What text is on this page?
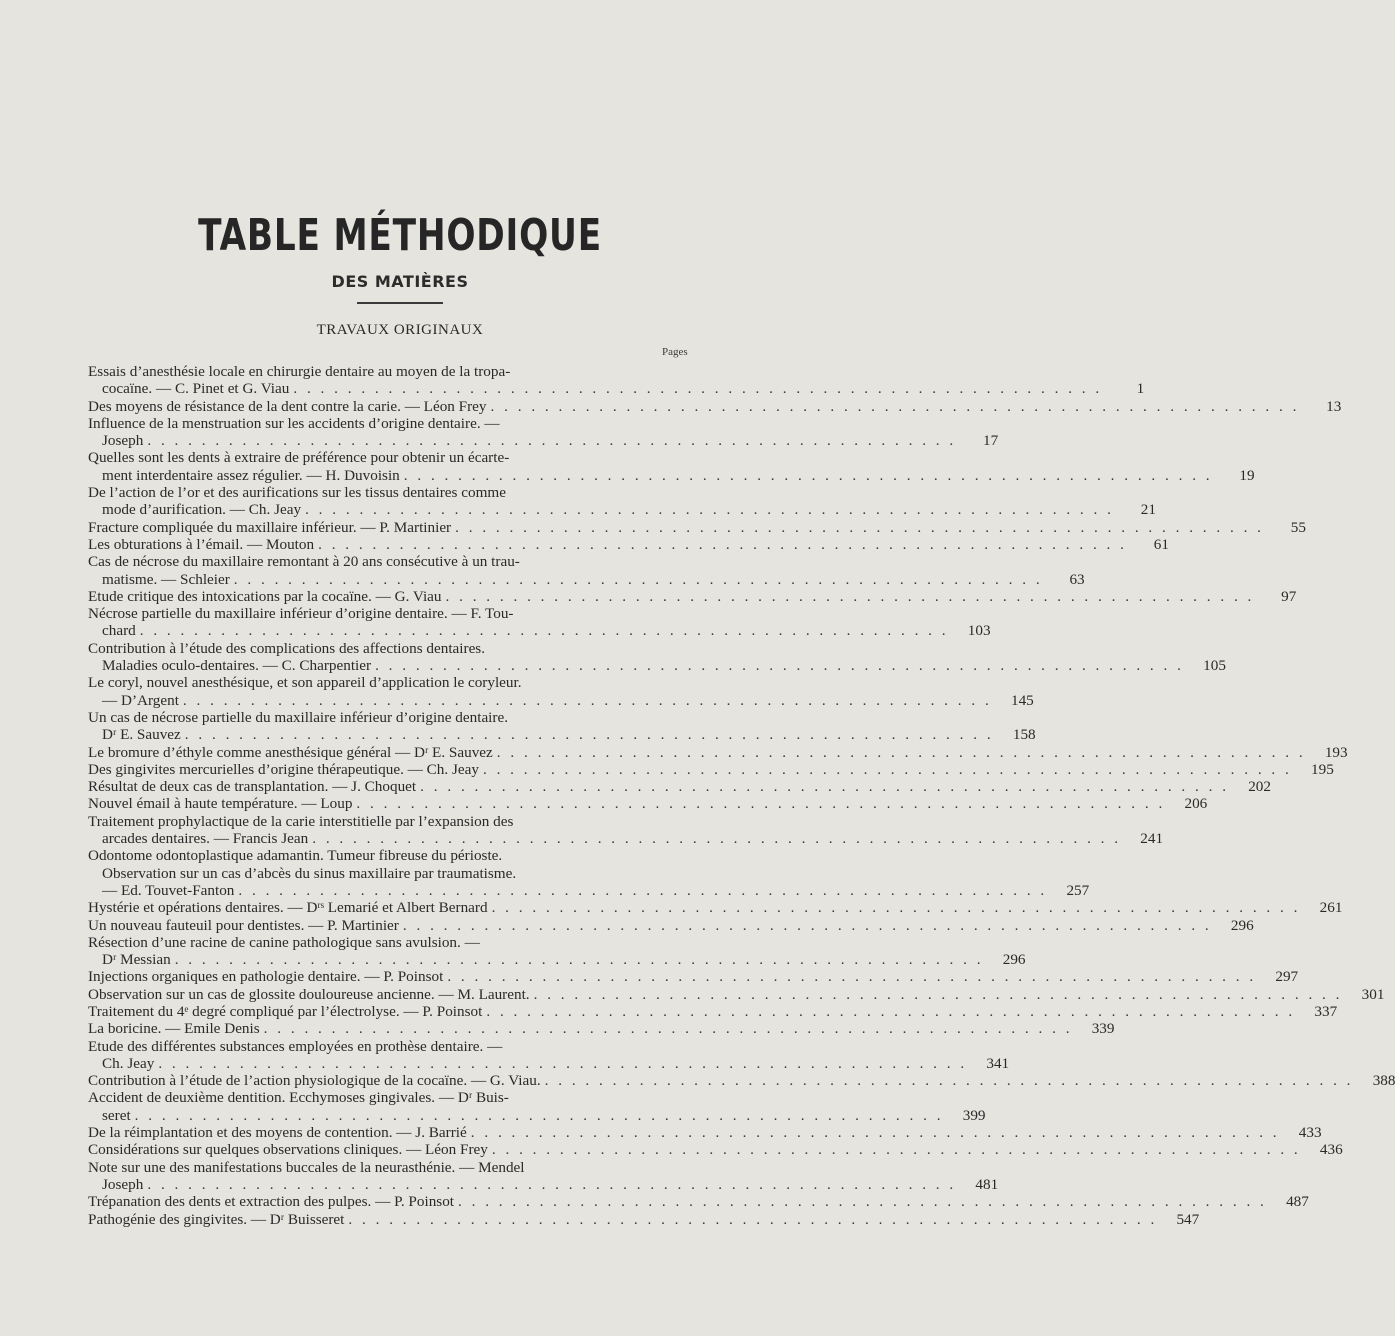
TABLE MÉTHODIQUE
DES MATIÈRES
TRAVAUX ORIGINAUX
Pages
Essais d’anesthésie locale en chirurgie dentaire au moyen de la tropa-
cocaïne. — C. Pinet et G. Viau . . . . . . . . . . . . . . . . . . . . . . . . . . . . . . . . . . . . . . . . . . . . . . . . . . . . . . . . . . . .	1
Des moyens de résistance de la dent contre la carie. — Léon Frey . . . . . . . . . . . . . . . . . . . . . . . . . . . . . . . . . . . . . . . . . . . . . . . . . . . . . . . . . . . .	13
Influence de la menstruation sur les accidents d’origine dentaire. —
Joseph . . . . . . . . . . . . . . . . . . . . . . . . . . . . . . . . . . . . . . . . . . . . . . . . . . . . . . . . . . . .	17
Quelles sont les dents à extraire de préférence pour obtenir un écarte-
ment interdentaire assez régulier. — H. Duvoisin . . . . . . . . . . . . . . . . . . . . . . . . . . . . . . . . . . . . . . . . . . . . . . . . . . . . . . . . . . . .	19
De l’action de l’or et des aurifications sur les tissus dentaires comme
mode d’aurification. — Ch. Jeay . . . . . . . . . . . . . . . . . . . . . . . . . . . . . . . . . . . . . . . . . . . . . . . . . . . . . . . . . . . .	21
Fracture compliquée du maxillaire inférieur. — P. Martinier . . . . . . . . . . . . . . . . . . . . . . . . . . . . . . . . . . . . . . . . . . . . . . . . . . . . . . . . . . . .	55
Les obturations à l’émail. — Mouton . . . . . . . . . . . . . . . . . . . . . . . . . . . . . . . . . . . . . . . . . . . . . . . . . . . . . . . . . . . .	61
Cas de nécrose du maxillaire remontant à 20 ans consécutive à un trau-
matisme. — Schleier . . . . . . . . . . . . . . . . . . . . . . . . . . . . . . . . . . . . . . . . . . . . . . . . . . . . . . . . . . . .	63
Etude critique des intoxications par la cocaïne. — G. Viau . . . . . . . . . . . . . . . . . . . . . . . . . . . . . . . . . . . . . . . . . . . . . . . . . . . . . . . . . . . .	97
Nécrose partielle du maxillaire inférieur d’origine dentaire. — F. Tou-
chard . . . . . . . . . . . . . . . . . . . . . . . . . . . . . . . . . . . . . . . . . . . . . . . . . . . . . . . . . . . .	103
Contribution à l’étude des complications des affections dentaires.
Maladies oculo-dentaires. — C. Charpentier . . . . . . . . . . . . . . . . . . . . . . . . . . . . . . . . . . . . . . . . . . . . . . . . . . . . . . . . . . . .	105
Le coryl, nouvel anesthésique, et son appareil d’application le coryleur.
— D’Argent . . . . . . . . . . . . . . . . . . . . . . . . . . . . . . . . . . . . . . . . . . . . . . . . . . . . . . . . . . . .	145
Un cas de nécrose partielle du maxillaire inférieur d’origine dentaire.
Dʳ E. Sauvez . . . . . . . . . . . . . . . . . . . . . . . . . . . . . . . . . . . . . . . . . . . . . . . . . . . . . . . . . . . .	158
Le bromure d’éthyle comme anesthésique général — Dʳ E. Sauvez . . . . . . . . . . . . . . . . . . . . . . . . . . . . . . . . . . . . . . . . . . . . . . . . . . . . . . . . . . . .	193
Des gingivites mercurielles d’origine thérapeutique. — Ch. Jeay . . . . . . . . . . . . . . . . . . . . . . . . . . . . . . . . . . . . . . . . . . . . . . . . . . . . . . . . . . . .	195
Résultat de deux cas de transplantation. — J. Choquet . . . . . . . . . . . . . . . . . . . . . . . . . . . . . . . . . . . . . . . . . . . . . . . . . . . . . . . . . . . .	202
Nouvel émail à haute température. — Loup . . . . . . . . . . . . . . . . . . . . . . . . . . . . . . . . . . . . . . . . . . . . . . . . . . . . . . . . . . . .	206
Traitement prophylactique de la carie interstitielle par l’expansion des
arcades dentaires. — Francis Jean . . . . . . . . . . . . . . . . . . . . . . . . . . . . . . . . . . . . . . . . . . . . . . . . . . . . . . . . . . . .	241
Odontome odontoplastique adamantin. Tumeur fibreuse du périoste.
Observation sur un cas d’abcès du sinus maxillaire par traumatisme.
— Ed. Touvet-Fanton . . . . . . . . . . . . . . . . . . . . . . . . . . . . . . . . . . . . . . . . . . . . . . . . . . . . . . . . . . . .	257
Hystérie et opérations dentaires. — Dʳˢ Lemarié et Albert Bernard . . . . . . . . . . . . . . . . . . . . . . . . . . . . . . . . . . . . . . . . . . . . . . . . . . . . . . . . . . . .	261
Un nouveau fauteuil pour dentistes. — P. Martinier . . . . . . . . . . . . . . . . . . . . . . . . . . . . . . . . . . . . . . . . . . . . . . . . . . . . . . . . . . . .	296
Résection d’une racine de canine pathologique sans avulsion. —
Dʳ Messian . . . . . . . . . . . . . . . . . . . . . . . . . . . . . . . . . . . . . . . . . . . . . . . . . . . . . . . . . . . .	296
Injections organiques en pathologie dentaire. — P. Poinsot . . . . . . . . . . . . . . . . . . . . . . . . . . . . . . . . . . . . . . . . . . . . . . . . . . . . . . . . . . . .	297
Observation sur un cas de glossite douloureuse ancienne. — M. Laurent. . . . . . . . . . . . . . . . . . . . . . . . . . . . . . . . . . . . . . . . . . . . . . . . . . . . . . . . . . . . .	301
Traitement du 4ᵉ degré compliqué par l’électrolyse. — P. Poinsot . . . . . . . . . . . . . . . . . . . . . . . . . . . . . . . . . . . . . . . . . . . . . . . . . . . . . . . . . . . .	337
La boricine. — Emile Denis . . . . . . . . . . . . . . . . . . . . . . . . . . . . . . . . . . . . . . . . . . . . . . . . . . . . . . . . . . . .	339
Etude des différentes substances employées en prothèse dentaire. —
Ch. Jeay . . . . . . . . . . . . . . . . . . . . . . . . . . . . . . . . . . . . . . . . . . . . . . . . . . . . . . . . . . . .	341
Contribution à l’étude de l’action physiologique de la cocaïne. — G. Viau. . . . . . . . . . . . . . . . . . . . . . . . . . . . . . . . . . . . . . . . . . . . . . . . . . . . . . . . . . . . .	388
Accident de deuxième dentition. Ecchymoses gingivales. — Dʳ Buis-
seret . . . . . . . . . . . . . . . . . . . . . . . . . . . . . . . . . . . . . . . . . . . . . . . . . . . . . . . . . . . .	399
De la réimplantation et des moyens de contention. — J. Barrié . . . . . . . . . . . . . . . . . . . . . . . . . . . . . . . . . . . . . . . . . . . . . . . . . . . . . . . . . . . .	433
Considérations sur quelques observations cliniques. — Léon Frey . . . . . . . . . . . . . . . . . . . . . . . . . . . . . . . . . . . . . . . . . . . . . . . . . . . . . . . . . . . .	436
Note sur une des manifestations buccales de la neurasthénie. — Mendel
Joseph . . . . . . . . . . . . . . . . . . . . . . . . . . . . . . . . . . . . . . . . . . . . . . . . . . . . . . . . . . . .	481
Trépanation des dents et extraction des pulpes. — P. Poinsot . . . . . . . . . . . . . . . . . . . . . . . . . . . . . . . . . . . . . . . . . . . . . . . . . . . . . . . . . . . .	487
Pathogénie des gingivites. — Dʳ Buisseret . . . . . . . . . . . . . . . . . . . . . . . . . . . . . . . . . . . . . . . . . . . . . . . . . . . . . . . . . . . .	547
